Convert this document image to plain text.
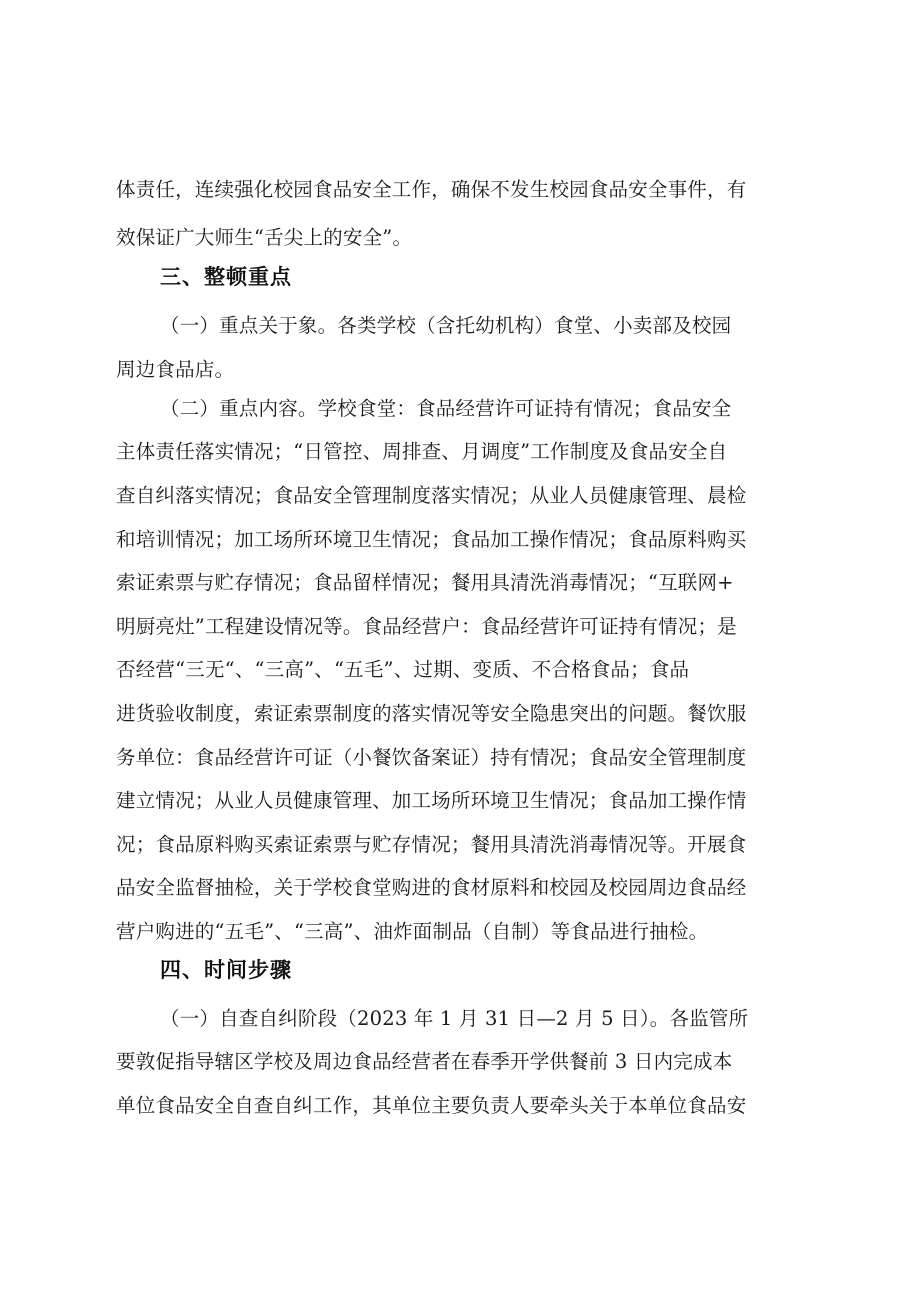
体责任，连续强化校园食品安全工作，确保不发生校园食品安全事件，有
效保证广大师生“舌尖上的安全”。
三、整顿重点
（一）重点关于象。各类学校（含托幼机构）食堂、小卖部及校园
周边食品店。
（二）重点内容。学校食堂：食品经营许可证持有情况；食品安全
主体责任落实情况；“日管控、周排查、月调度”工作制度及食品安全自
查自纠落实情况；食品安全管理制度落实情况；从业人员健康管理、晨检
和培训情况；加工场所环境卫生情况；食品加工操作情况；食品原料购买
索证索票与贮存情况；食品留样情况；餐用具清洗消毒情况；“互联网+
明厨亮灶”工程建设情况等。食品经营户：食品经营许可证持有情况；是
否经营“三无“、“三高”、“五毛”、过期、变质、不合格食品；食品
进货验收制度，索证索票制度的落实情况等安全隐患突出的问题。餐饮服
务单位：食品经营许可证（小餐饮备案证）持有情况；食品安全管理制度
建立情况；从业人员健康管理、加工场所环境卫生情况；食品加工操作情
况；食品原料购买索证索票与贮存情况；餐用具清洗消毒情况等。开展食
品安全监督抽检，关于学校食堂购进的食材原料和校园及校园周边食品经
营户购进的“五毛”、“三高”、油炸面制品（自制）等食品进行抽检。
四、时间步骤
（一）自查自纠阶段（2023 年 1 月 31 日—2 月 5 日）。各监管所
要敦促指导辖区学校及周边食品经营者在春季开学供餐前 3 日内完成本
单位食品安全自查自纠工作，其单位主要负责人要牵头关于本单位食品安
